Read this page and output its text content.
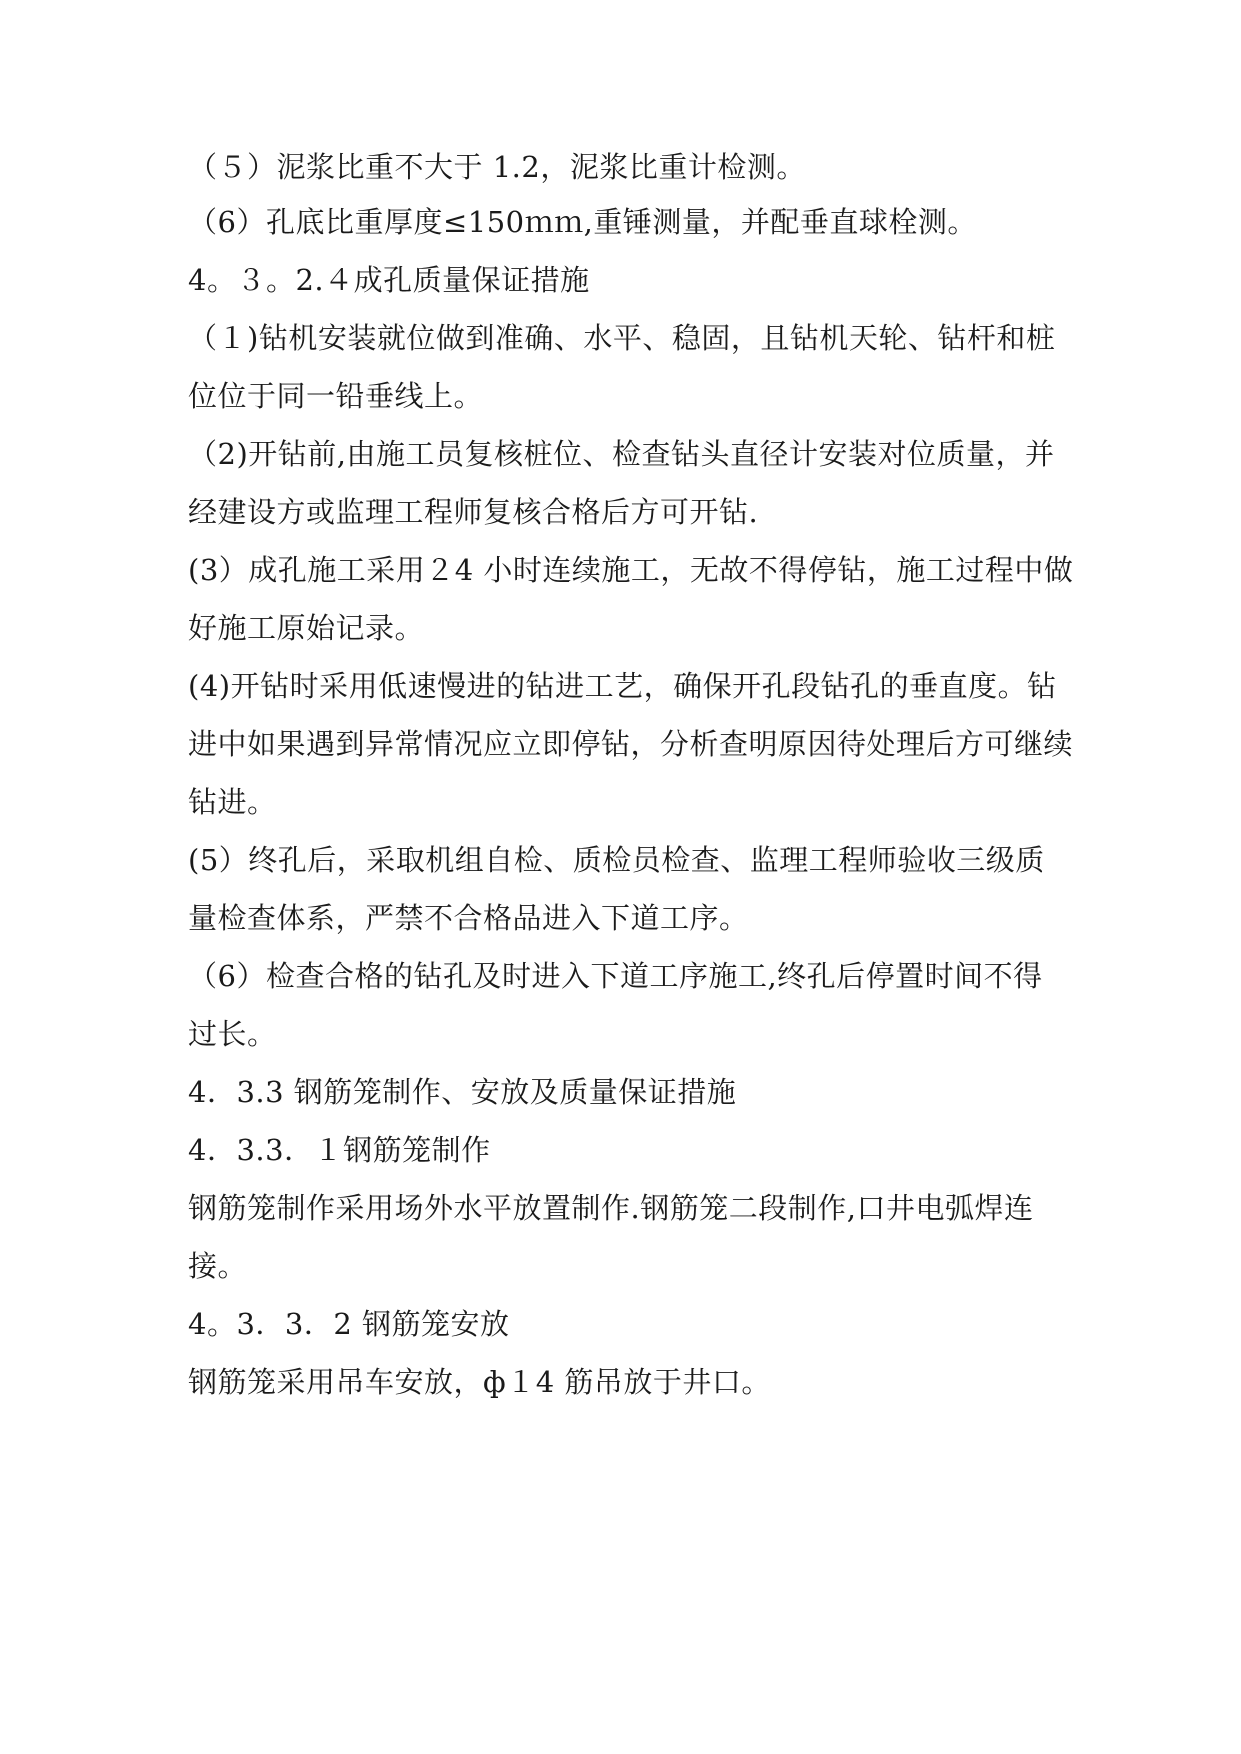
（５）泥浆比重不大于 1.2，泥浆比重计检测。
（6）孔底比重厚度≤150ｍｍ,重锤测量，并配垂直球栓测。
4。３。2.４成孔质量保证措施
（１)钻机安装就位做到准确、水平、稳固，且钻机天轮、钻杆和桩
位位于同一铅垂线上。
（2)开钻前,由施工员复核桩位、检查钻头直径计安装对位质量，并
经建设方或监理工程师复核合格后方可开钻.
(3）成孔施工采用２4 小时连续施工，无故不得停钻，施工过程中做
好施工原始记录。
(4)开钻时采用低速慢进的钻进工艺，确保开孔段钻孔的垂直度。钻
进中如果遇到异常情况应立即停钻，分析查明原因待处理后方可继续
钻进。
(5）终孔后，采取机组自检、质检员检查、监理工程师验收三级质
量检查体系，严禁不合格品进入下道工序。
（6）检查合格的钻孔及时进入下道工序施工,终孔后停置时间不得
过长。
4．3.3 钢筋笼制作、安放及质量保证措施
4．3.3．１钢筋笼制作
钢筋笼制作采用场外水平放置制作.钢筋笼二段制作,口井电弧焊连
接。
4。3．3．2 钢筋笼安放
钢筋笼采用吊车安放，ф１4 筋吊放于井口。
